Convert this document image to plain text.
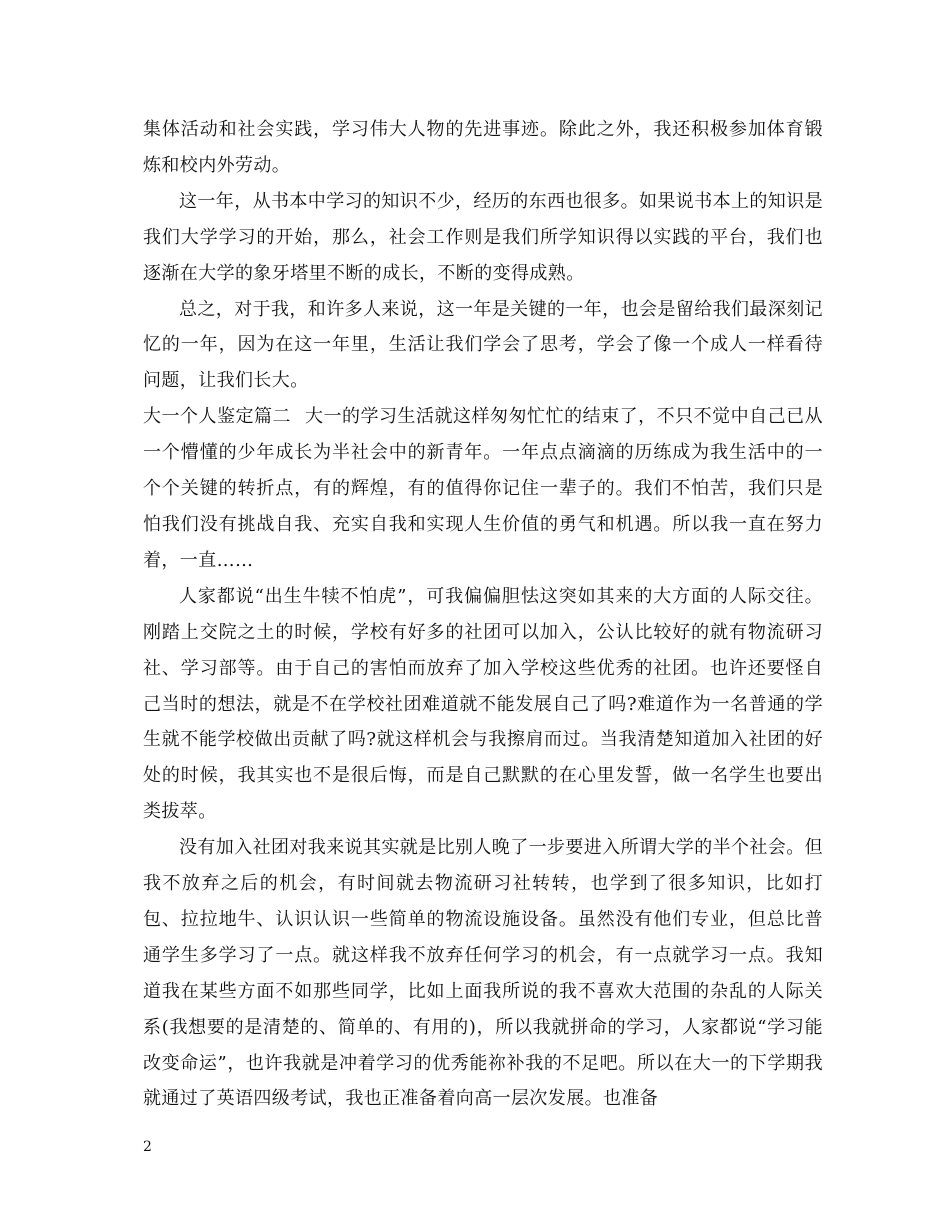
集体活动和社会实践，学习伟大人物的先进事迹。除此之外，我还积极参加体育锻炼和校内外劳动。

这一年，从书本中学习的知识不少，经历的东西也很多。如果说书本上的知识是我们大学学习的开始，那么，社会工作则是我们所学知识得以实践的平台，我们也逐渐在大学的象牙塔里不断的成长，不断的变得成熟。

总之，对于我，和许多人来说，这一年是关键的一年，也会是留给我们最深刻记忆的一年，因为在这一年里，生活让我们学会了思考，学会了像一个成人一样看待问题，让我们长大。

大一个人鉴定篇二 大一的学习生活就这样匆匆忙忙的结束了，不只不觉中自己已从一个懵懂的少年成长为半社会中的新青年。一年点点滴滴的历练成为我生活中的一个个关键的转折点，有的辉煌，有的值得你记住一辈子的。我们不怕苦，我们只是怕我们没有挑战自我、充实自我和实现人生价值的勇气和机遇。所以我一直在努力着，一直……

人家都说“出生牛犊不怕虎”，可我偏偏胆怯这突如其来的大方面的人际交往。刚踏上交院之土的时候，学校有好多的社团可以加入，公认比较好的就有物流研习社、学习部等。由于自己的害怕而放弃了加入学校这些优秀的社团。也许还要怪自己当时的想法，就是不在学校社团难道就不能发展自己了吗?难道作为一名普通的学生就不能学校做出贡献了吗?就这样机会与我擦肩而过。当我清楚知道加入社团的好处的时候，我其实也不是很后悔，而是自己默默的在心里发誓，做一名学生也要出类拔萃。

没有加入社团对我来说其实就是比别人晚了一步要进入所谓大学的半个社会。但我不放弃之后的机会，有时间就去物流研习社转转，也学到了很多知识，比如打包、拉拉地牛、认识认识一些简单的物流设施设备。虽然没有他们专业，但总比普通学生多学习了一点。就这样我不放弃任何学习的机会，有一点就学习一点。我知道我在某些方面不如那些同学，比如上面我所说的我不喜欢大范围的杂乱的人际关系(我想要的是清楚的、简单的、有用的)，所以我就拼命的学习，人家都说“学习能改变命运”，也许我就是冲着学习的优秀能祢补我的不足吧。所以在大一的下学期我就通过了英语四级考试，我也正准备着向高一层次发展。也准备

2
